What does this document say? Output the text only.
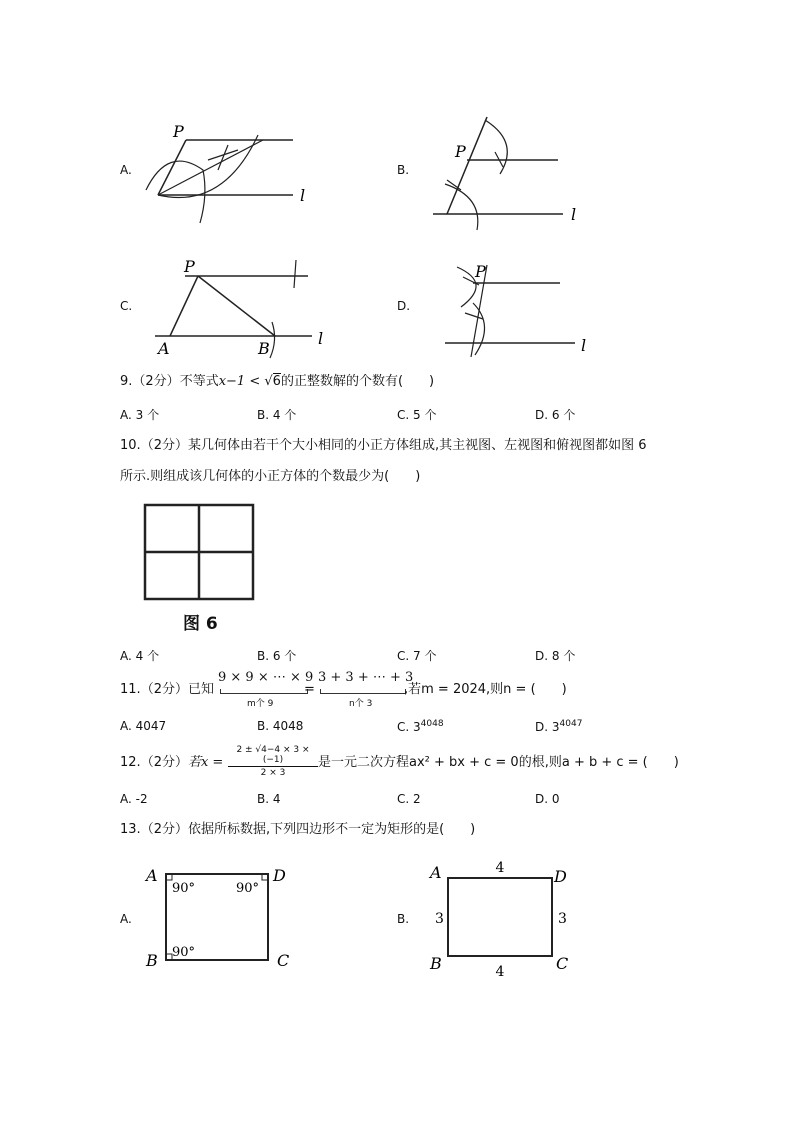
A.
P
l
B.
P
l
C.
P
A	B
l
D.
P
l
9.（2分）不等式x−1 < √6的正整数解的个数有(　　)
A. 3 个	B. 4 个	C. 5 个	D. 6 个
10.（2分）某几何体由若干个大小相同的小正方体组成,其主视图、左视图和俯视图都如图 6
所示.则组成该几何体的小正方体的个数最少为(　　)
图 6
A. 4 个	B. 6 个	C. 7 个	D. 8 个
11.（2分）已知
9 × 9 × ⋯ × 9
m个 9
=
3 + 3 + ⋯ + 3
n个 3
,若m = 2024,则n = (　　)
A. 4047	B. 4048	C. $3^{4048}$	D. $3^{4047}$
12.（2分）若$x = \frac{2 \pm √4-4 \times 3 \times (-1)}{2 \times 3}$ 是一元二次方程ax² + bx + c = 0的根,则a + b + c = (　　)
A. -2	B. 4	C. 2	D. 0
13.（2分）依据所标数据,下列四边形不一定为矩形的是(　　)
A.
A
B	C
D
90°	90°
90°
B.
4
4
3	3
A
B	C
D
